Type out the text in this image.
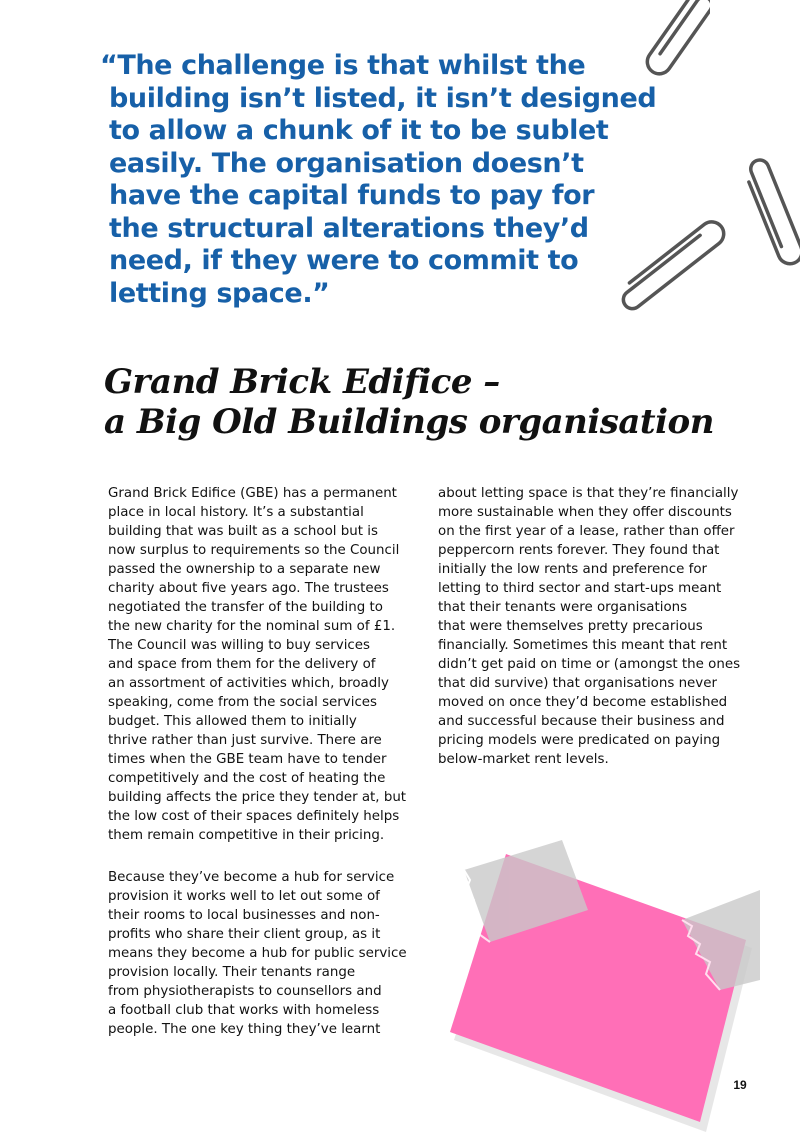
“The challenge is that whilst the
building isn’t listed, it isn’t designed
to allow a chunk of it to be sublet
easily. The organisation doesn’t
have the capital funds to pay for
the structural alterations they’d
need, if they were to commit to
letting space.”
Grand Brick Edifice –
a Big Old Buildings organisation
Grand Brick Edifice (GBE) has a permanent
place in local history. It’s a substantial
building that was built as a school but is
now surplus to requirements so the Council
passed the ownership to a separate new
charity about five years ago. The trustees
negotiated the transfer of the building to
the new charity for the nominal sum of £1.
The Council was willing to buy services
and space from them for the delivery of
an assortment of activities which, broadly
speaking, come from the social services
budget. This allowed them to initially
thrive rather than just survive. There are
times when the GBE team have to tender
competitively and the cost of heating the
building affects the price they tender at, but
the low cost of their spaces definitely helps
them remain competitive in their pricing.
Because they’ve become a hub for service
provision it works well to let out some of
their rooms to local businesses and non-
profits who share their client group, as it
means they become a hub for public service
provision locally. Their tenants range
from physiotherapists to counsellors and
a football club that works with homeless
people. The one key thing they’ve learnt
about letting space is that they’re financially
more sustainable when they offer discounts
on the first year of a lease, rather than offer
peppercorn rents forever. They found that
initially the low rents and preference for
letting to third sector and start-ups meant
that their tenants were organisations
that were themselves pretty precarious
financially. Sometimes this meant that rent
didn’t get paid on time or (amongst the ones
that did survive) that organisations never
moved on once they’d become established
and successful because their business and
pricing models were predicated on paying
below-market rent levels.
19
